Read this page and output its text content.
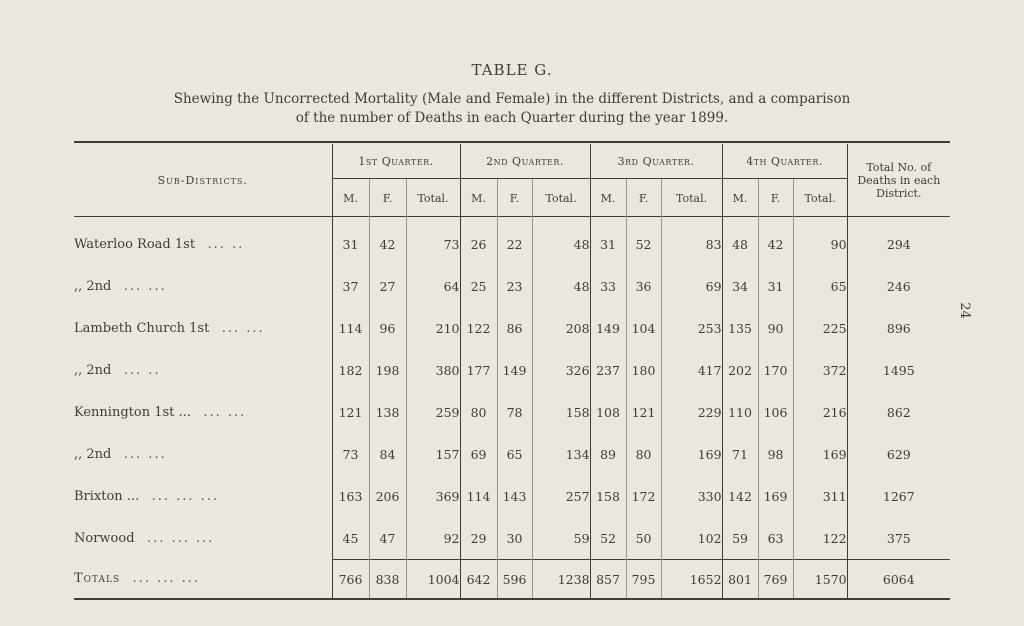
TABLE G.
Shewing the Uncorrected Mortality (Male and Female) in the different Districts, and a comparison
of the number of Deaths in each Quarter during the year 1899.
24
Sub-Districts.	1st Quarter.			2nd Quarter.			3rd Quarter.			4th Quarter.			Total No. of Deaths in each District.
	M.	F.	Total.	M.	F.	Total.	M.	F.	Total.	M.	F.	Total.	
Waterloo Road 1st ... ..	31	42	73	26	22	48	31	52	83	48	42	90	294
,, 2nd ... ...	37	27	64	25	23	48	33	36	69	34	31	65	246
Lambeth Church 1st ... ...	114	96	210	122	86	208	149	104	253	135	90	225	896
,, 2nd ... ..	182	198	380	177	149	326	237	180	417	202	170	372	1495
Kennington 1st ... ... ...	121	138	259	80	78	158	108	121	229	110	106	216	862
,, 2nd ... ...	73	84	157	69	65	134	89	80	169	71	98	169	629
Brixton ... ... ... ...	163	206	369	114	143	257	158	172	330	142	169	311	1267
Norwood ... ... ...	45	47	92	29	30	59	52	50	102	59	63	122	375
Totals ... ... ...	766	838	1004	642	596	1238	857	795	1652	801	769	1570	6064
